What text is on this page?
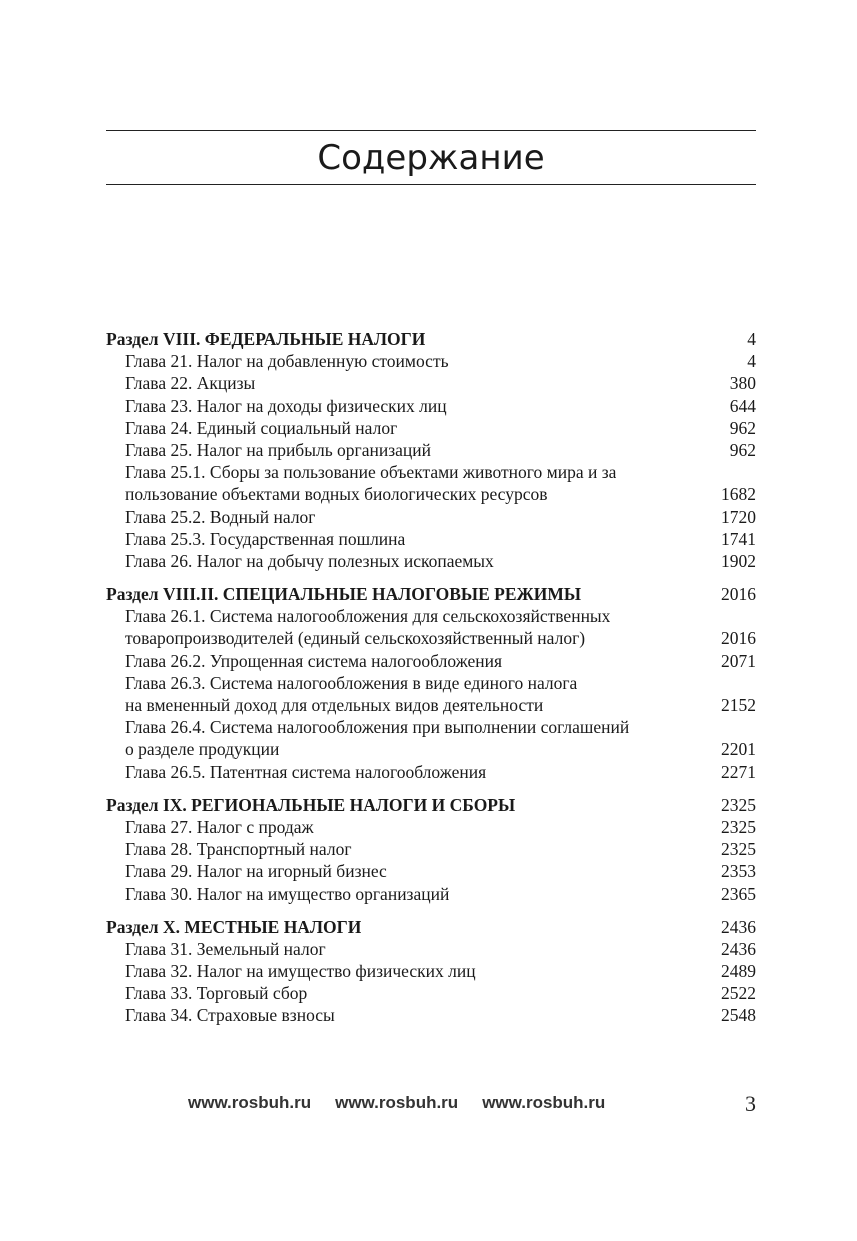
Содержание
Раздел VIII. ФЕДЕРАЛЬНЫЕ НАЛОГИ	4
Глава 21. Налог на добавленную стоимость	4
Глава 22. Акцизы	380
Глава 23. Налог на доходы физических лиц	644
Глава 24. Единый социальный налог	962
Глава 25. Налог на прибыль организаций	962
Глава 25.1. Сборы за пользование объектами животного мира и за
пользование объектами водных биологических ресурсов	1682
Глава 25.2. Водный налог	1720
Глава 25.3. Государственная пошлина	1741
Глава 26. Налог на добычу полезных ископаемых	1902
Раздел VIII.II. СПЕЦИАЛЬНЫЕ НАЛОГОВЫЕ РЕЖИМЫ	2016
Глава 26.1. Система налогообложения для сельскохозяйственных
товаропроизводителей (единый сельскохозяйственный налог)	2016
Глава 26.2. Упрощенная система налогообложения	2071
Глава 26.3. Система налогообложения в виде единого налога
на вмененный доход для отдельных видов деятельности	2152
Глава 26.4. Система налогообложения при выполнении соглашений
о разделе продукции	2201
Глава 26.5. Патентная система налогообложения	2271
Раздел IX. РЕГИОНАЛЬНЫЕ НАЛОГИ И СБОРЫ	2325
Глава 27. Налог с продаж	2325
Глава 28. Транспортный налог	2325
Глава 29. Налог на игорный бизнес	2353
Глава 30. Налог на имущество организаций	2365
Раздел X. МЕСТНЫЕ НАЛОГИ	2436
Глава 31. Земельный налог	2436
Глава 32. Налог на имущество физических лиц	2489
Глава 33. Торговый сбор	2522
Глава 34. Страховые взносы	2548
www.rosbuh.ru www.rosbuh.ru www.rosbuh.ru	3
